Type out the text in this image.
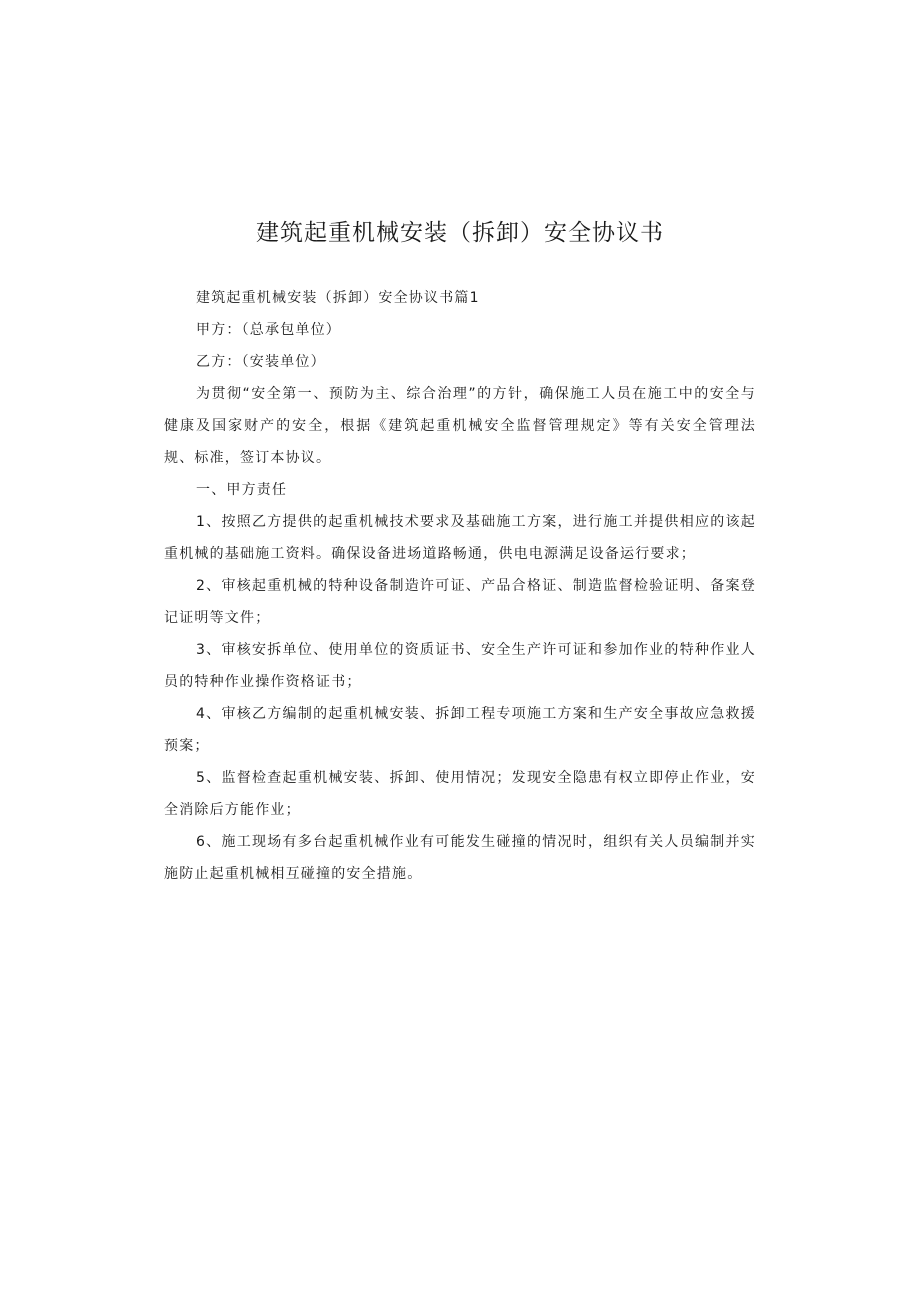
建筑起重机械安装（拆卸）安全协议书

建筑起重机械安装（拆卸）安全协议书篇1

甲方：（总承包单位）

乙方：（安装单位）

为贯彻“安全第一、预防为主、综合治理”的方针，确保施工人员在施工中的安全与健康及国家财产的安全，根据《建筑起重机械安全监督管理规定》等有关安全管理法规、标准，签订本协议。

一、甲方责任

1、按照乙方提供的起重机械技术要求及基础施工方案，进行施工并提供相应的该起重机械的基础施工资料。确保设备进场道路畅通，供电电源满足设备运行要求；

2、审核起重机械的特种设备制造许可证、产品合格证、制造监督检验证明、备案登记证明等文件；

3、审核安拆单位、使用单位的资质证书、安全生产许可证和参加作业的特种作业人员的特种作业操作资格证书；

4、审核乙方编制的起重机械安装、拆卸工程专项施工方案和生产安全事故应急救援预案；

5、监督检查起重机械安装、拆卸、使用情况；发现安全隐患有权立即停止作业，安全消除后方能作业；

6、施工现场有多台起重机械作业有可能发生碰撞的情况时，组织有关人员编制并实施防止起重机械相互碰撞的安全措施。
